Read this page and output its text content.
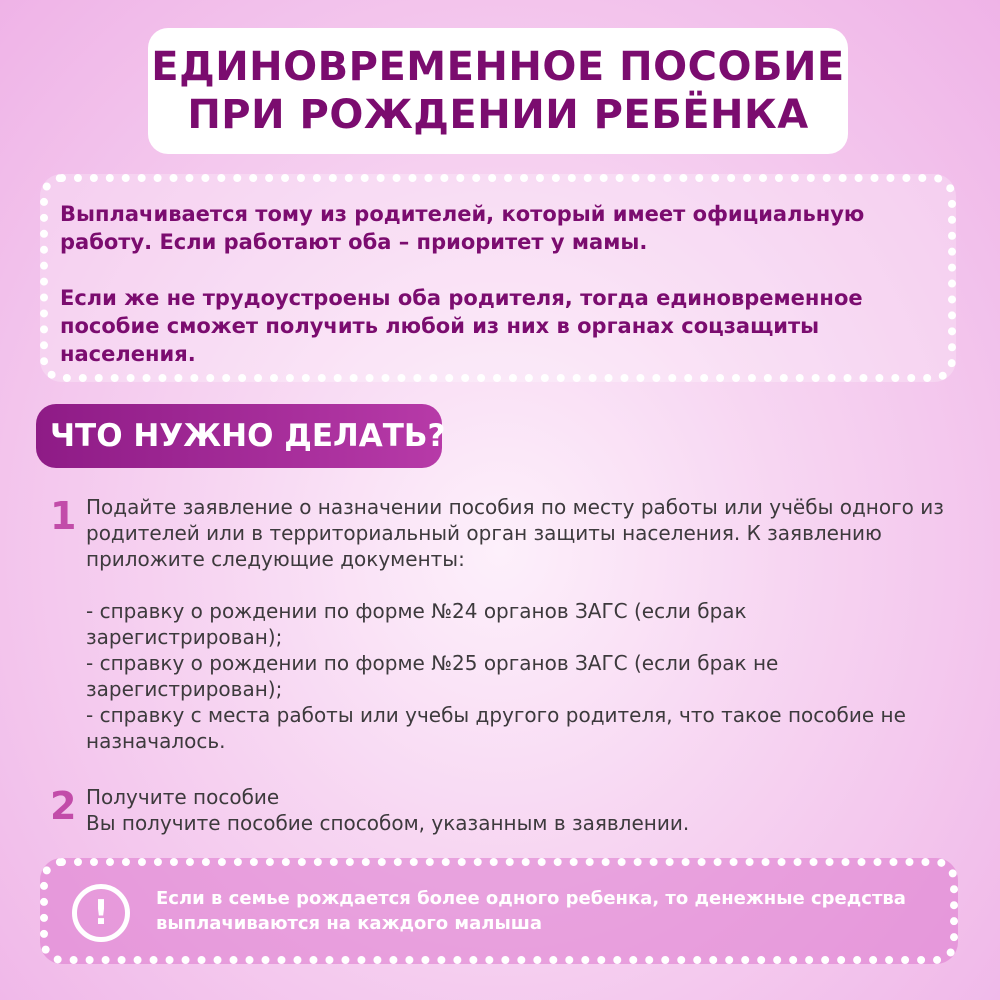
ЕДИНОВРЕМЕННОЕ ПОСОБИЕ
ПРИ РОЖДЕНИИ РЕБЁНКА

Выплачивается тому из родителей, который имеет официальную работу. Если работают оба – приоритет у мамы.

Если же не трудоустроены оба родителя, тогда единовременное пособие сможет получить любой из них в органах соцзащиты населения.

ЧТО НУЖНО ДЕЛАТЬ?
1 Подайте заявление о назначении пособия по месту работы или учёбы одного из родителей или в территориальный орган защиты населения. К заявлению приложите следующие документы:

- справку о рождении по форме №24 органов ЗАГС (если брак зарегистрирован);

- справку о рождении по форме №25 органов ЗАГС (если брак не зарегистрирован);

- справку с места работы или учебы другого родителя, что такое пособие не назначалось.

2 Получите пособие

Вы получите пособие способом, указанным в заявлении.

!	Если в семье рождается более одного ребенка, то денежные средства выплачиваются на каждого малыша
